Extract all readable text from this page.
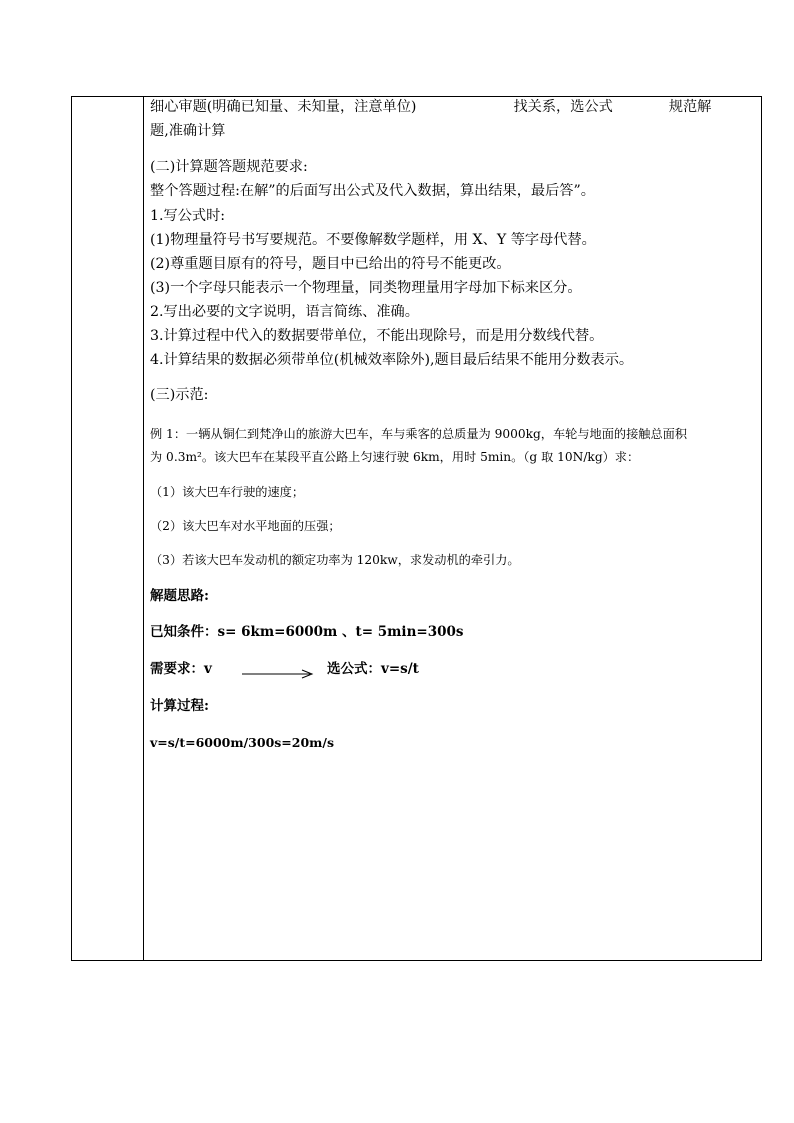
细心审题(明确已知量、未知量，注意单位)	找关系，选公式	规范解
题,准确计算
(二)计算题答题规范要求:
整个答题过程:在解”的后面写出公式及代入数据，算出结果，最后答”。
1.写公式时:
(1)物理量符号书写要规范。不要像解数学题样，用 X、Y 等字母代替。
(2)尊重题目原有的符号，题目中已给出的符号不能更改。
(3)一个字母只能表示一个物理量，同类物理量用字母加下标来区分。
2.写出必要的文字说明，语言简练、准确。
3.计算过程中代入的数据要带单位，不能出现除号，而是用分数线代替。
4.计算结果的数据必须带单位(机械效率除外),题目最后结果不能用分数表示。
(三)示范:
例 1：一辆从铜仁到梵净山的旅游大巴车，车与乘客的总质量为 9000kg，车轮与地面的接触总面积
为 0.3m²。该大巴车在某段平直公路上匀速行驶 6km，用时 5min。（g 取 10N/kg）求：
（1）该大巴车行驶的速度；
（2）该大巴车对水平地面的压强；
（3）若该大巴车发动机的额定功率为 120kw，求发动机的牵引力。
解题思路:
已知条件：s= 6km=6000m 、t= 5min=300s
需要求：v	选公式：v=s/t
计算过程:
v=s/t=6000m/300s=20m/s
